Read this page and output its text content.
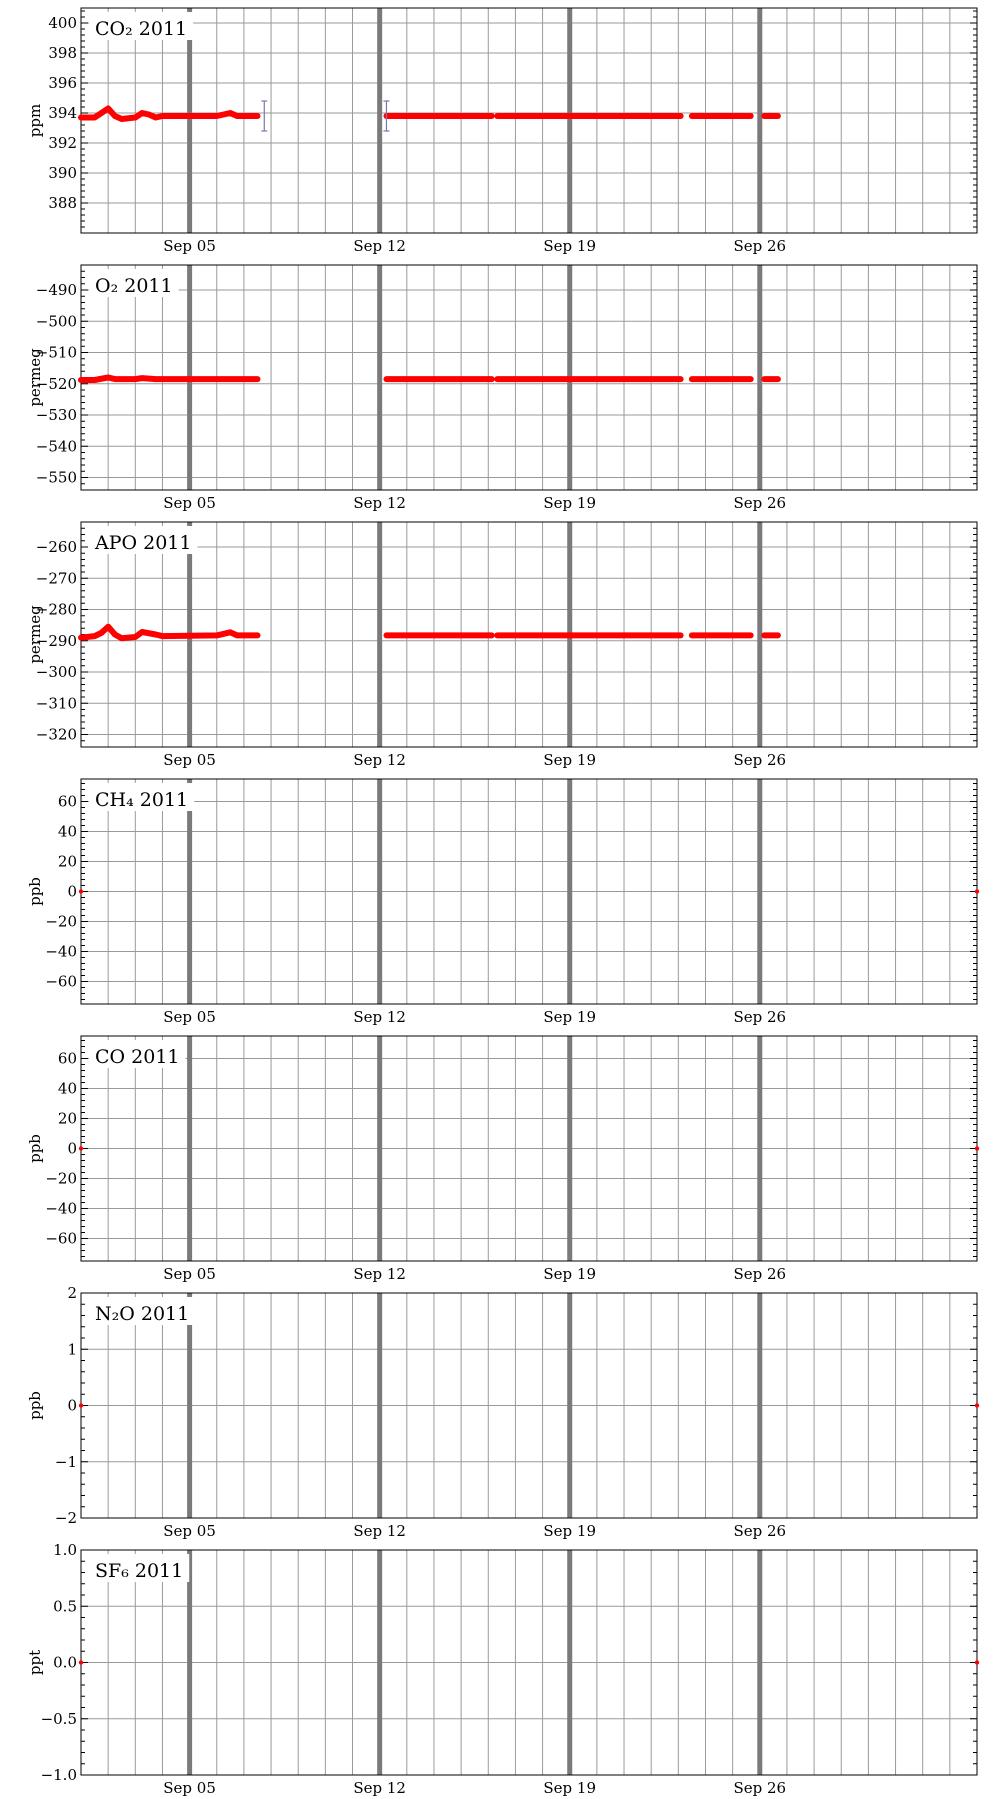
388
390
392
394
396
398
400
Sep 05	Sep 12	Sep 19	Sep 26
ppm
CO₂ 2011
−550
−540
−530
−520
−510
−500
−490
Sep 05	Sep 12	Sep 19	Sep 26
permeg
O₂ 2011
−320
−310
−300
−290
−280
−270
−260
Sep 05	Sep 12	Sep 19	Sep 26
permeg
APO 2011
−60
−40
−20
0
20
40
60
Sep 05	Sep 12	Sep 19	Sep 26
ppb
CH₄ 2011
−60
−40
−20
0
20
40
60
Sep 05	Sep 12	Sep 19	Sep 26
ppb
CO 2011
−2
−1
0
1
2
Sep 05	Sep 12	Sep 19	Sep 26
ppb
N₂O 2011
−1.0
−0.5
0.0
0.5
1.0
Sep 05	Sep 12	Sep 19	Sep 26
ppt
SF₆ 2011
